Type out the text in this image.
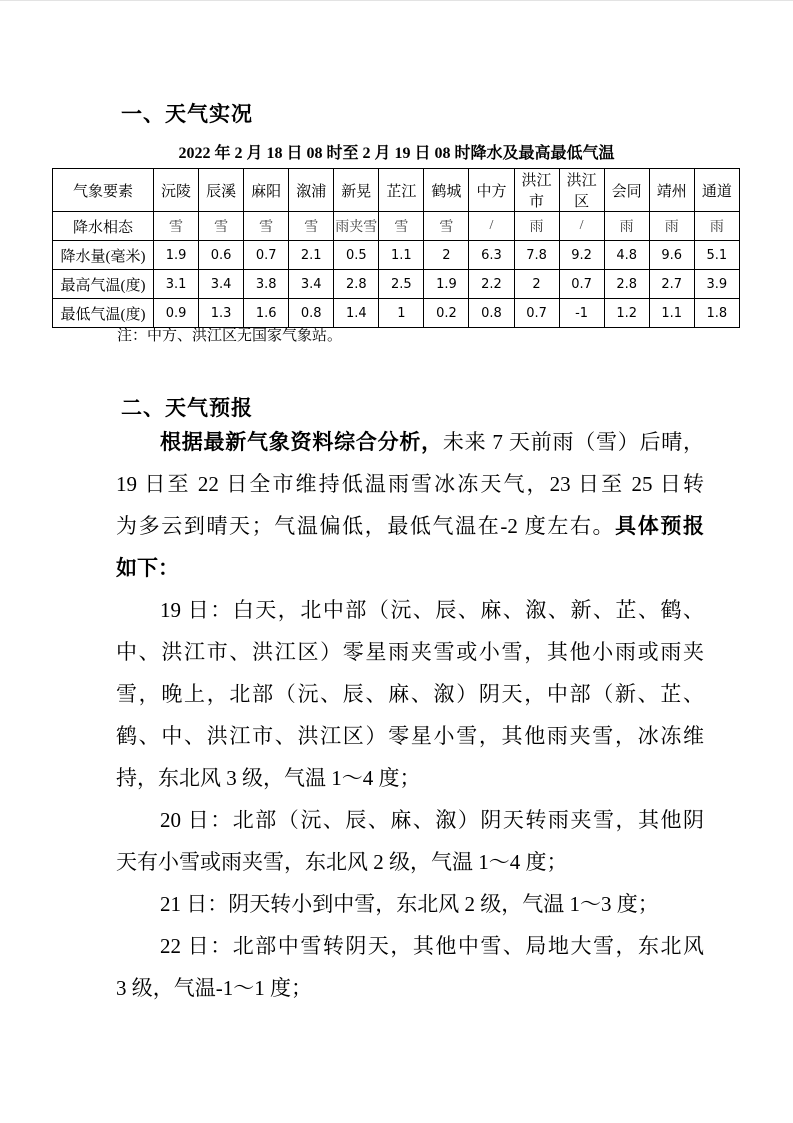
一、天气实况
2022 年 2 月 18 日 08 时至 2 月 19 日 08 时降水及最高最低气温
气象要素	沅陵	辰溪	麻阳	溆浦	新晃	芷江	鹤城	中方	洪江市	洪江区	会同	靖州	通道
降水相态	雪	雪	雪	雪	雨夹雪	雪	雪	/	雨	/	雨	雨	雨
降水量(毫米)	1.9	0.6	0.7	2.1	0.5	1.1	2	6.3	7.8	9.2	4.8	9.6	5.1
最高气温(度)	3.1	3.4	3.8	3.4	2.8	2.5	1.9	2.2	2	0.7	2.8	2.7	3.9
最低气温(度)	0.9	1.3	1.6	0.8	1.4	1	0.2	0.8	0.7	-1	1.2	1.1	1.8
注：中方、洪江区无国家气象站。
二、天气预报
根据最新气象资料综合分析，未来 7 天前雨（雪）后晴，
19 日至 22 日全市维持低温雨雪冰冻天气，23 日至 25 日转
为多云到晴天；气温偏低，最低气温在-2 度左右。具体预报
如下：
19 日：白天，北中部（沅、辰、麻、溆、新、芷、鹤、
中、洪江市、洪江区）零星雨夹雪或小雪，其他小雨或雨夹
雪，晚上，北部（沅、辰、麻、溆）阴天，中部（新、芷、
鹤、中、洪江市、洪江区）零星小雪，其他雨夹雪，冰冻维
持，东北风 3 级，气温 1～4 度；
20 日：北部（沅、辰、麻、溆）阴天转雨夹雪，其他阴
天有小雪或雨夹雪，东北风 2 级，气温 1～4 度；
21 日：阴天转小到中雪，东北风 2 级，气温 1～3 度；
22 日：北部中雪转阴天，其他中雪、局地大雪，东北风
3 级，气温-1～1 度；
